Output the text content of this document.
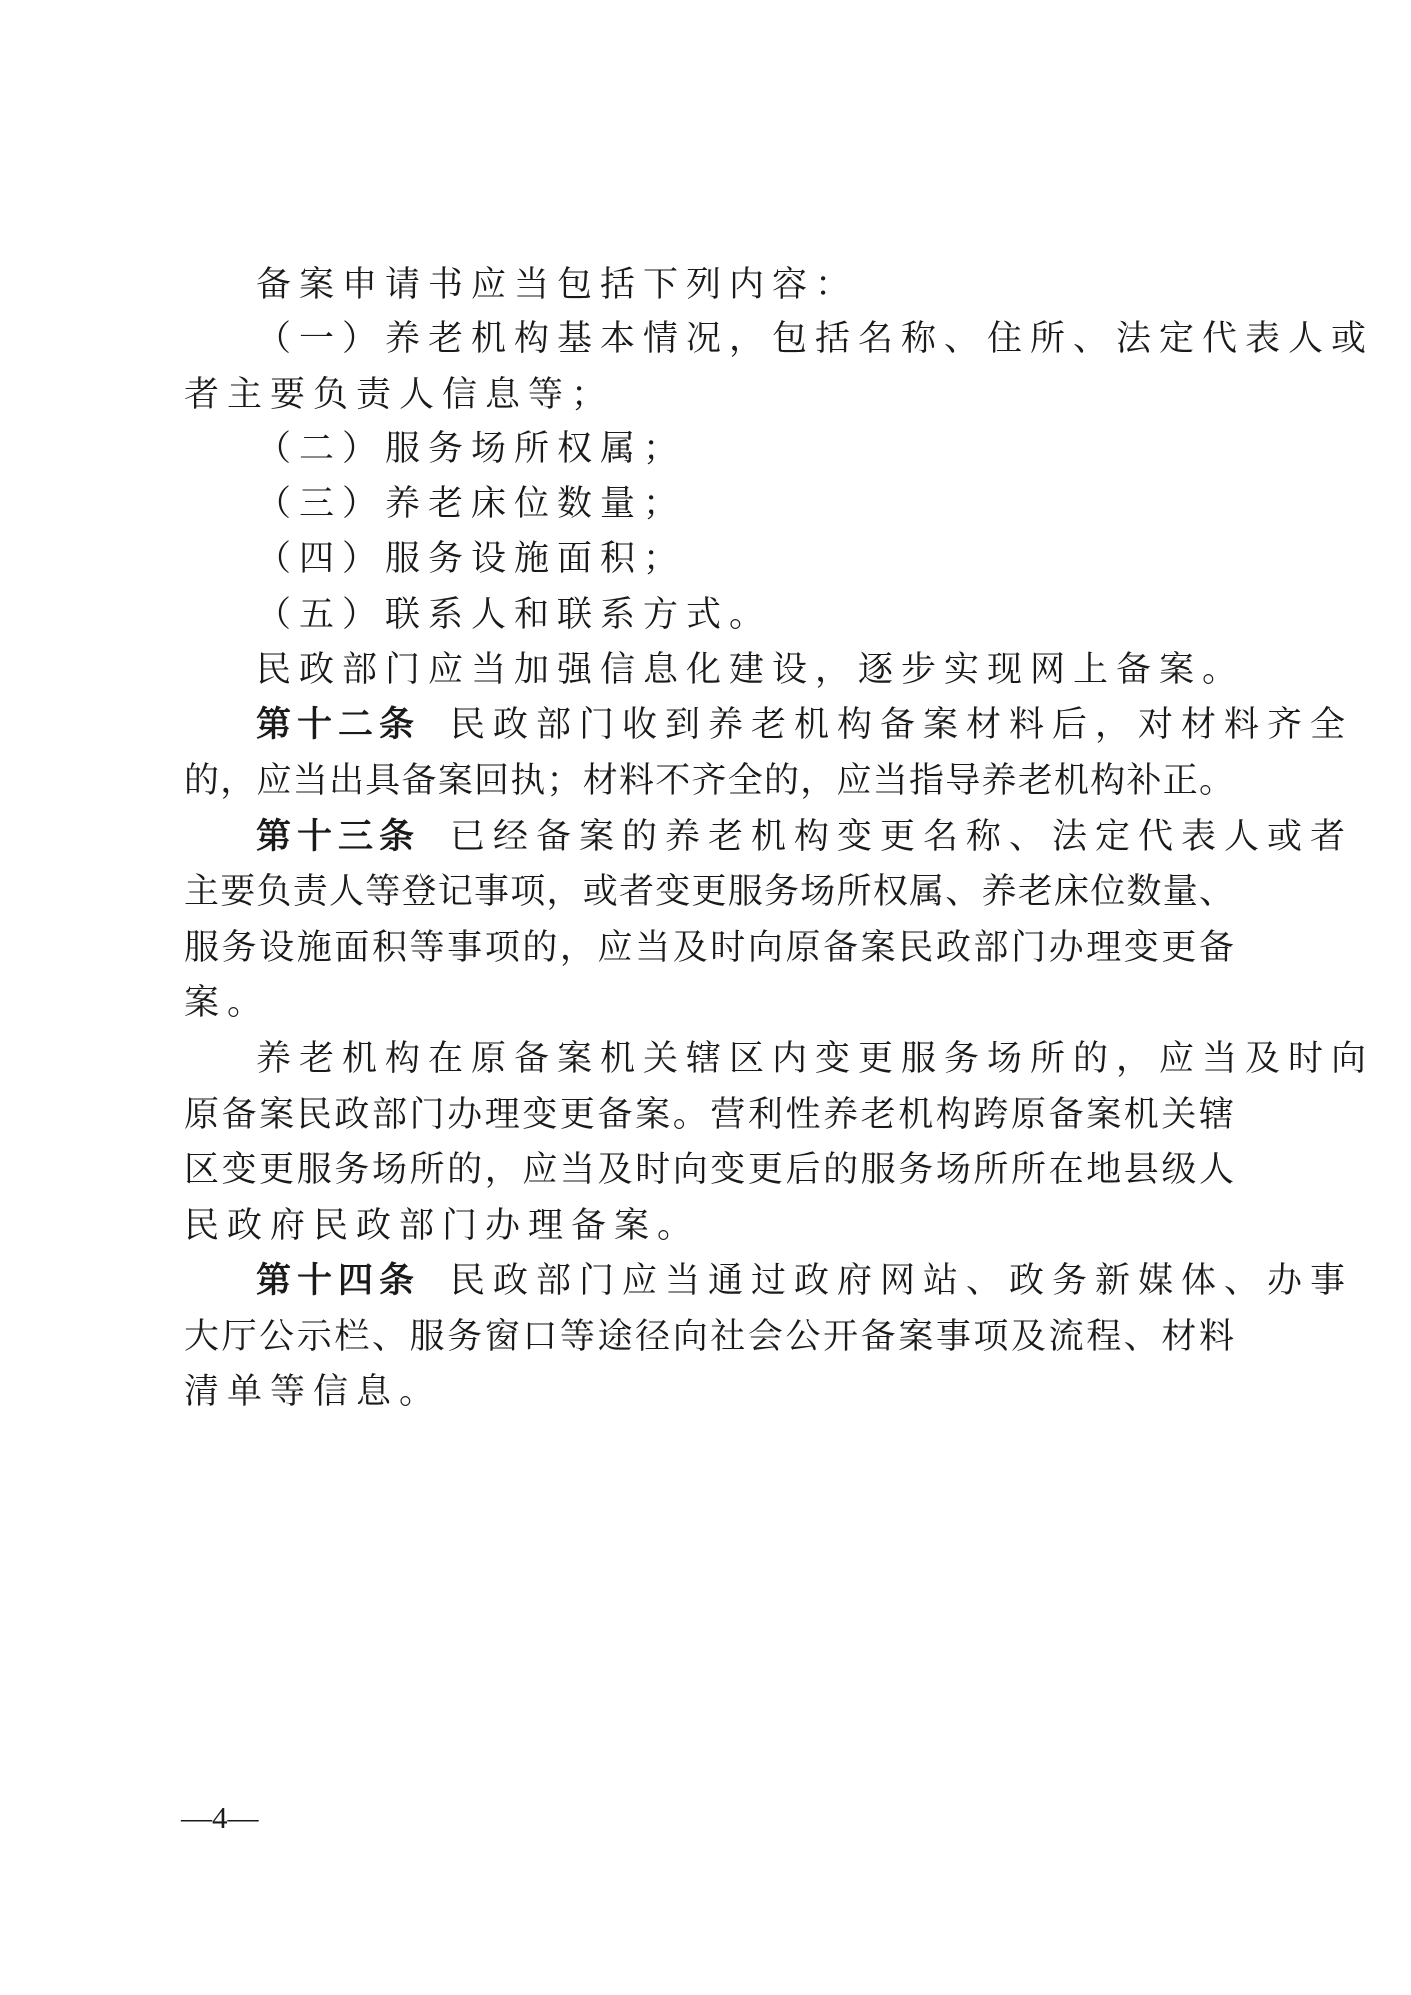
备案申请书应当包括下列内容：
（一）养老机构基本情况，包括名称、住所、法定代表人或
者主要负责人信息等；
（二）服务场所权属；
（三）养老床位数量；
（四）服务设施面积；
（五）联系人和联系方式。
民政部门应当加强信息化建设，逐步实现网上备案。
第十二条 民政部门收到养老机构备案材料后，对材料齐全
的，应当出具备案回执；材料不齐全的，应当指导养老机构补正。
第十三条 已经备案的养老机构变更名称、法定代表人或者
主要负责人等登记事项，或者变更服务场所权属、养老床位数量、
服务设施面积等事项的，应当及时向原备案民政部门办理变更备
案。
养老机构在原备案机关辖区内变更服务场所的，应当及时向
原备案民政部门办理变更备案。营利性养老机构跨原备案机关辖
区变更服务场所的，应当及时向变更后的服务场所所在地县级人
民政府民政部门办理备案。
第十四条 民政部门应当通过政府网站、政务新媒体、办事
大厅公示栏、服务窗口等途径向社会公开备案事项及流程、材料
清单等信息。
—4—
